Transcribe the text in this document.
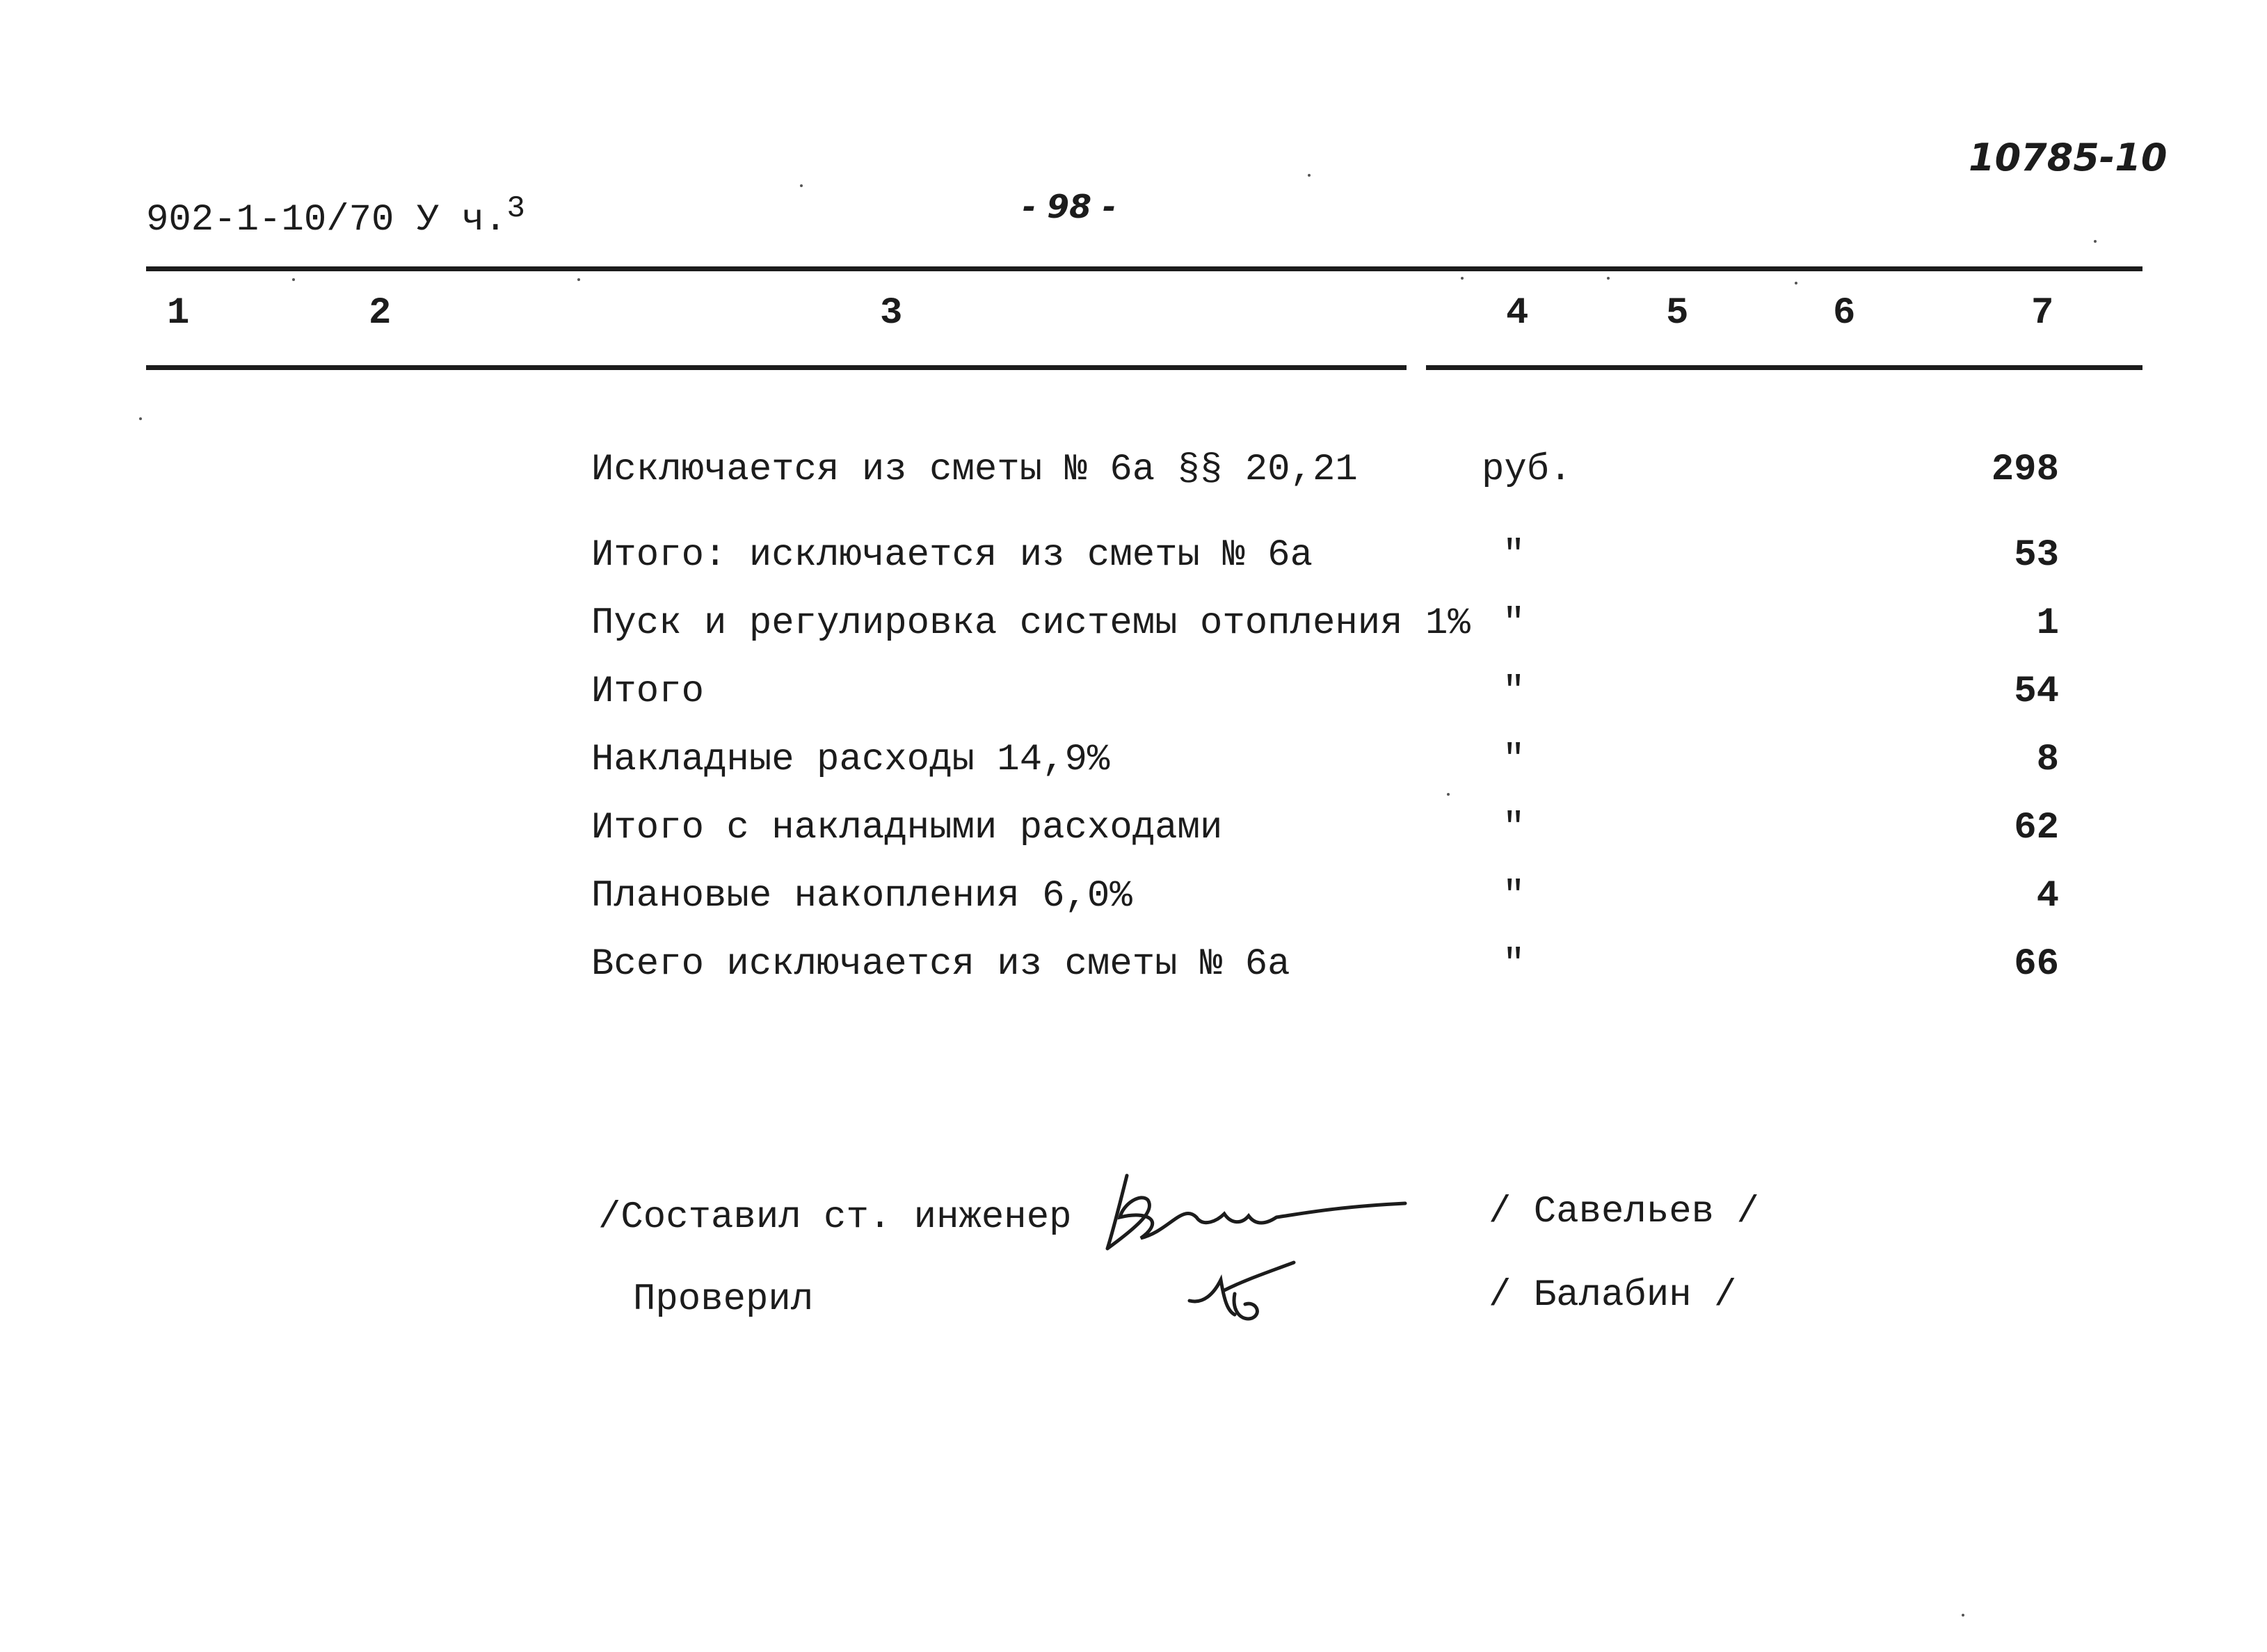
902-1-10/70 У ч.$^3$	- 98 -
10785-10
1	2	3	4	5	6	7
Исключается из сметы № 6а §§ 20,21	руб.	298
Итого: исключается из сметы № 6а	"	53
Пуск и регулировка системы отопления 1% "	1
Итого	"	54
Накладные расходы 14,9%	"	8
Итого с накладными расходами	"	62
Плановые накопления 6,0%	"	4
Всего исключается из сметы № 6а	"	66
/Составил ст. инженер	/ Савельев /
Проверил	/ Балабин /
